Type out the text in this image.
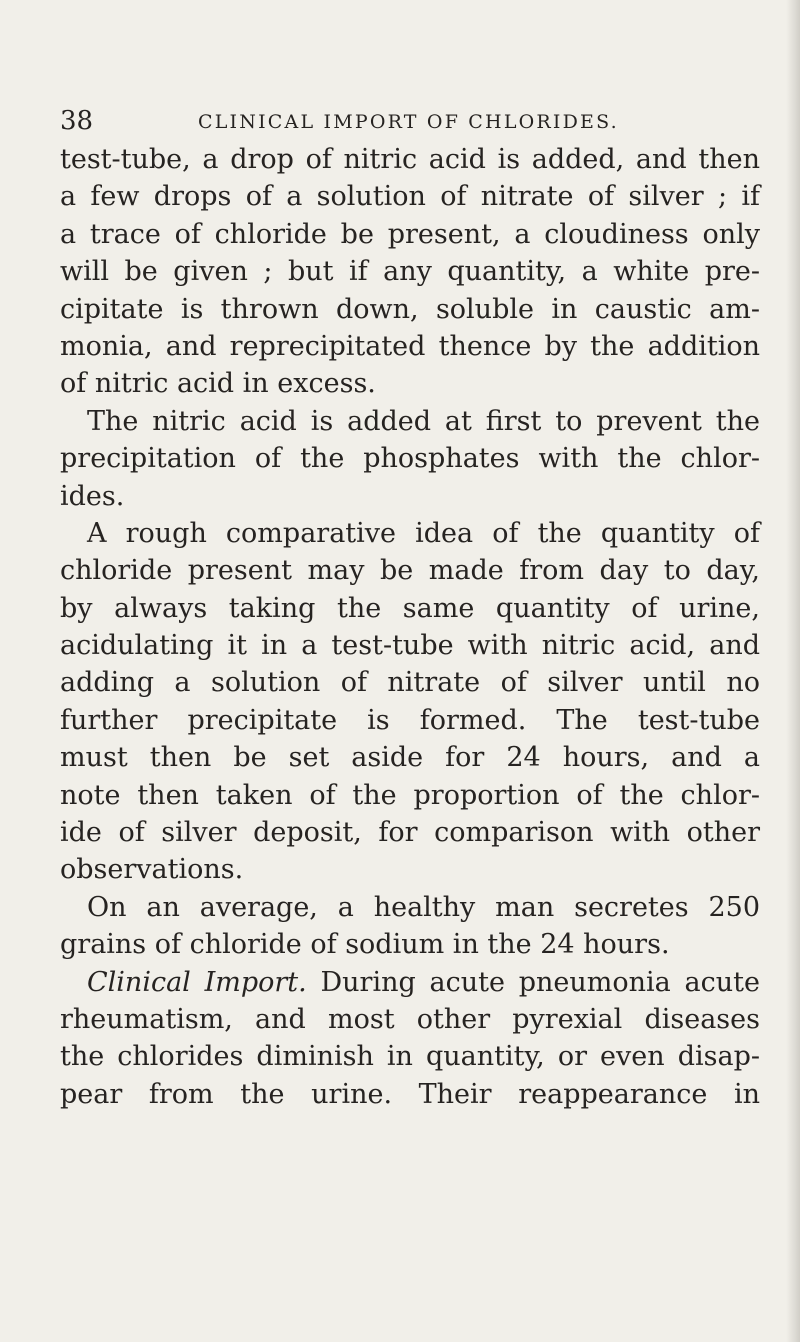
38	CLINICAL IMPORT OF CHLORIDES.
test-tube, a drop of nitric acid is added, and then
a few drops of a solution of nitrate of silver ; if
a trace of chloride be present, a cloudiness only
will be given ; but if any quantity, a white pre-
cipitate is thrown down, soluble in caustic am-
monia, and reprecipitated thence by the addition
of nitric acid in excess.
The nitric acid is added at first to prevent the
precipitation of the phosphates with the chlor-
ides.
A rough comparative idea of the quantity of
chloride present may be made from day to day,
by always taking the same quantity of urine,
acidulating it in a test-tube with nitric acid, and
adding a solution of nitrate of silver until no
further precipitate is formed. The test-tube
must then be set aside for 24 hours, and a
note then taken of the proportion of the chlor-
ide of silver deposit, for comparison with other
observations.
On an average, a healthy man secretes 250
grains of chloride of sodium in the 24 hours.
Clinical Import. During acute pneumonia acute
rheumatism, and most other pyrexial diseases
the chlorides diminish in quantity, or even disap-
pear from the urine. Their reappearance in
